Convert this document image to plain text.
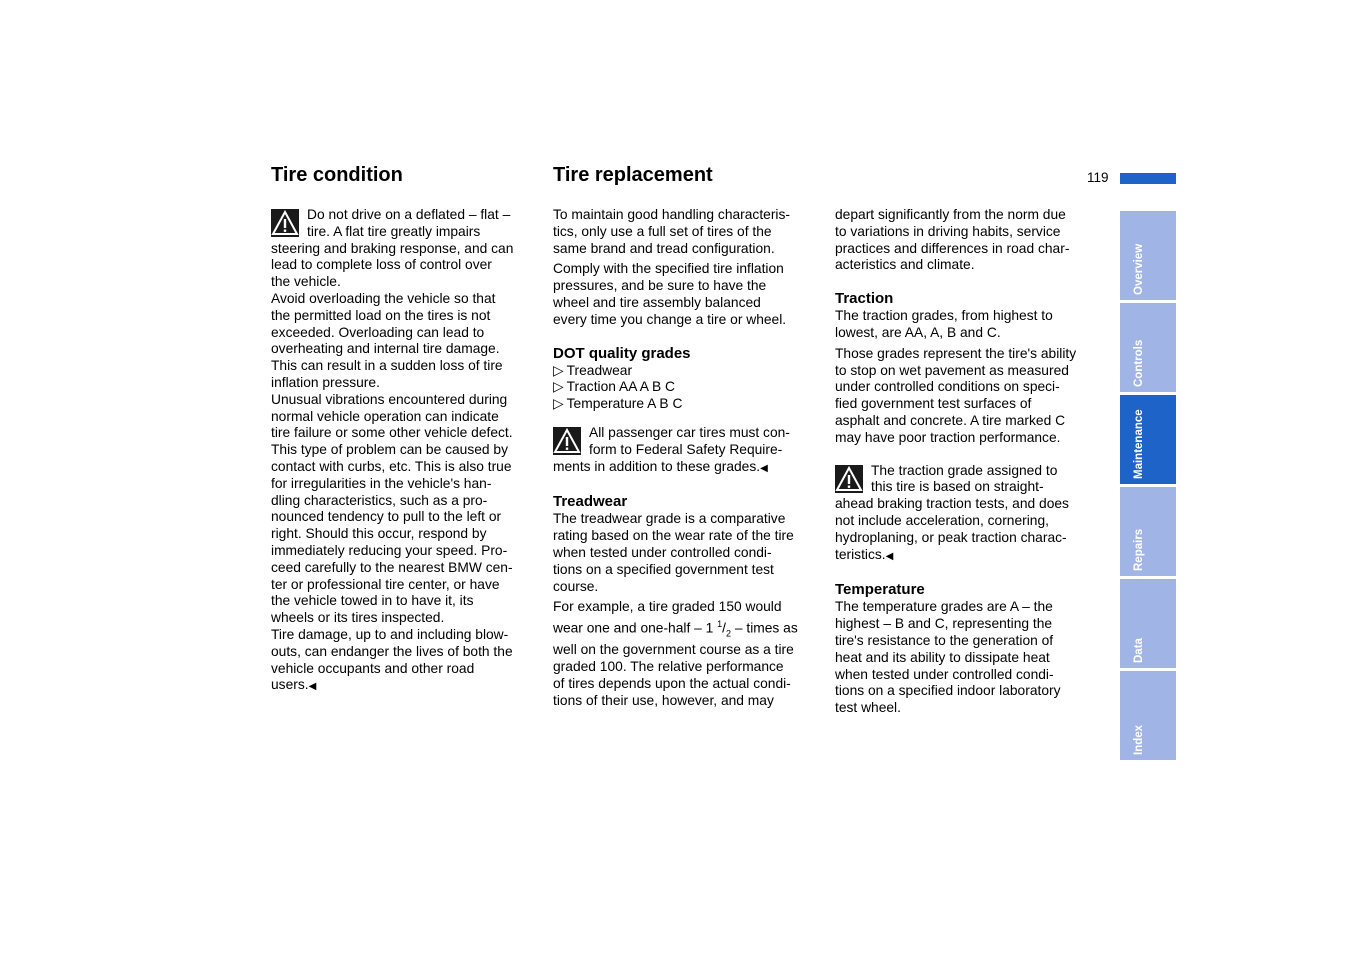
Tire condition	Tire replacement	119

Do not drive on a deflated – flat –

tire. A flat tire greatly impairs

steering and braking response, and can

lead to complete loss of control over

the vehicle.

Avoid overloading the vehicle so that

the permitted load on the tires is not

exceeded. Overloading can lead to

overheating and internal tire damage.

This can result in a sudden loss of tire

inflation pressure.

Unusual vibrations encountered during

normal vehicle operation can indicate

tire failure or some other vehicle defect.

This type of problem can be caused by

contact with curbs, etc. This is also true

for irregularities in the vehicle's han-

dling characteristics, such as a pro-

nounced tendency to pull to the left or

right. Should this occur, respond by

immediately reducing your speed. Pro-

ceed carefully to the nearest BMW cen-

ter or professional tire center, or have

the vehicle towed in to have it, its

wheels or its tires inspected.

Tire damage, up to and including blow-

outs, can endanger the lives of both the

vehicle occupants and other road

users.

◀

To maintain good handling characteris-

tics, only use a full set of tires of the

same brand and tread configuration.

Comply with the specified tire inflation

pressures, and be sure to have the

wheel and tire assembly balanced

every time you change a tire or wheel.

DOT quality grades

▷ Treadwear

▷ Traction AA A B C

▷ Temperature A B C

All passenger car tires must con-

form to Federal Safety Require-

ments in addition to these grades.

◀

Treadwear

The treadwear grade is a comparative

rating based on the wear rate of the tire

when tested under controlled condi-

tions on a specified government test

course.

For example, a tire graded 150 would

wear one and one-half – 1 $^1/_2$ – times as

well on the government course as a tire

graded 100. The relative performance

of tires depends upon the actual condi-

tions of their use, however, and may

depart significantly from the norm due

to variations in driving habits, service

practices and differences in road char-

acteristics and climate.

Traction

The traction grades, from highest to

lowest, are AA, A, B and C.

Those grades represent the tire's ability

to stop on wet pavement as measured

under controlled conditions on speci-

fied government test surfaces of

asphalt and concrete. A tire marked C

may have poor traction performance.

The traction grade assigned to

this tire is based on straight-

ahead braking traction tests, and does

not include acceleration, cornering,

hydroplaning, or peak traction charac-

teristics.

◀

Temperature

The temperature grades are A – the

highest – B and C, representing the

tire's resistance to the generation of

heat and its ability to dissipate heat

when tested under controlled condi-

tions on a specified indoor laboratory

test wheel.

Overview
Controls
Maintenance
Repairs
Data
Index
